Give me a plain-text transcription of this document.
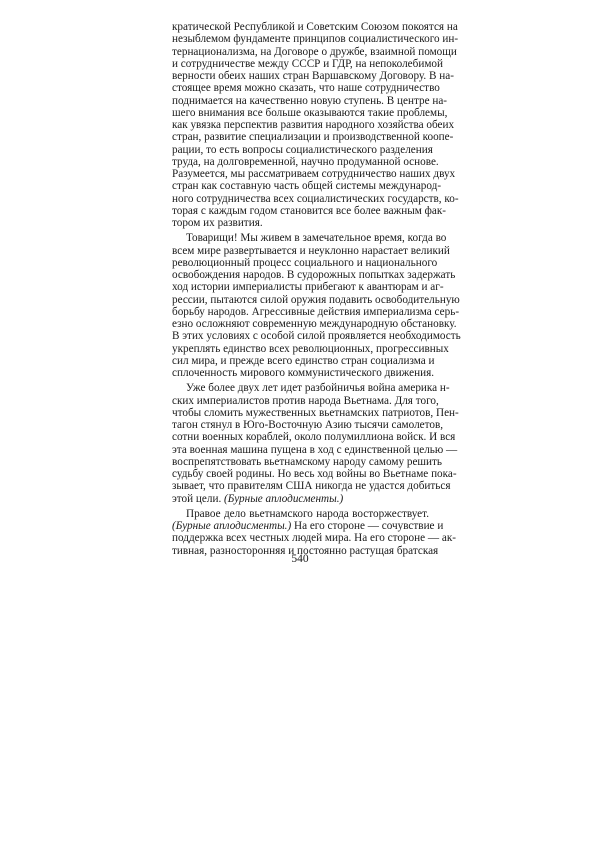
кратической Республикой и Советским Союзом покоятся на
незыблемом фундаменте принципов социалистического ин-
тернационализма, на Договоре о дружбе, взаимной помощи
и сотрудничестве между СССР и ГДР, на непоколебимой
верности обеих наших стран Варшавскому Договору. В на-
стоящее время можно сказать, что наше сотрудничество
поднимается на качественно новую ступень. В центре на-
шего внимания все больше оказываются такие проблемы,
как увязка перспектив развития народного хозяйства обеих
стран, развитие специализации и производственной коопе-
рации, то есть вопросы социалистического разделения
труда, на долговременной, научно продуманной основе.
Разумеется, мы рассматриваем сотрудничество наших двух
стран как составную часть общей системы международ-
ного сотрудничества всех социалистических государств, ко-
торая с каждым годом становится все более важным фак-
тором их развития.
Товарищи! Мы живем в замечательное время, когда во
всем мире развертывается и неуклонно нарастает великий
революционный процесс социального и национального
освобождения народов. В судорожных попытках задержать
ход истории империалисты прибегают к авантюрам и аг-
рессии, пытаются силой оружия подавить освободительную
борьбу народов. Агрессивные действия империализма серь-
езно осложняют современную международную обстановку.
В этих условиях с особой силой проявляется необходимость
укреплять единство всех революционных, прогрессивных
сил мира, и прежде всего единство стран социализма и
сплоченность мирового коммунистического движения.
Уже более двух лет идет разбойничья война америка н-
ских империалистов против народа Вьетнама. Для того,
чтобы сломить мужественных вьетнамских патриотов, Пен-
тагон стянул в Юго-Восточную Азию тысячи самолетов,
сотни военных кораблей, около полумиллиона войск. И вся
эта военная машина пущена в ход с единственной целью —
воспрепятствовать вьетнамскому народу самому решить
судьбу своей родины. Но весь ход войны во Вьетнаме пока-
зывает, что правителям США никогда не удастся добиться
этой цели. (Бурные аплодисменты.)
Правое дело вьетнамского народа восторжествует.
(Бурные аплодисменты.) На его стороне — сочувствие и
поддержка всех честных людей мира. На его стороне — ак-
тивная, разносторонняя и постоянно растущая братская
540
